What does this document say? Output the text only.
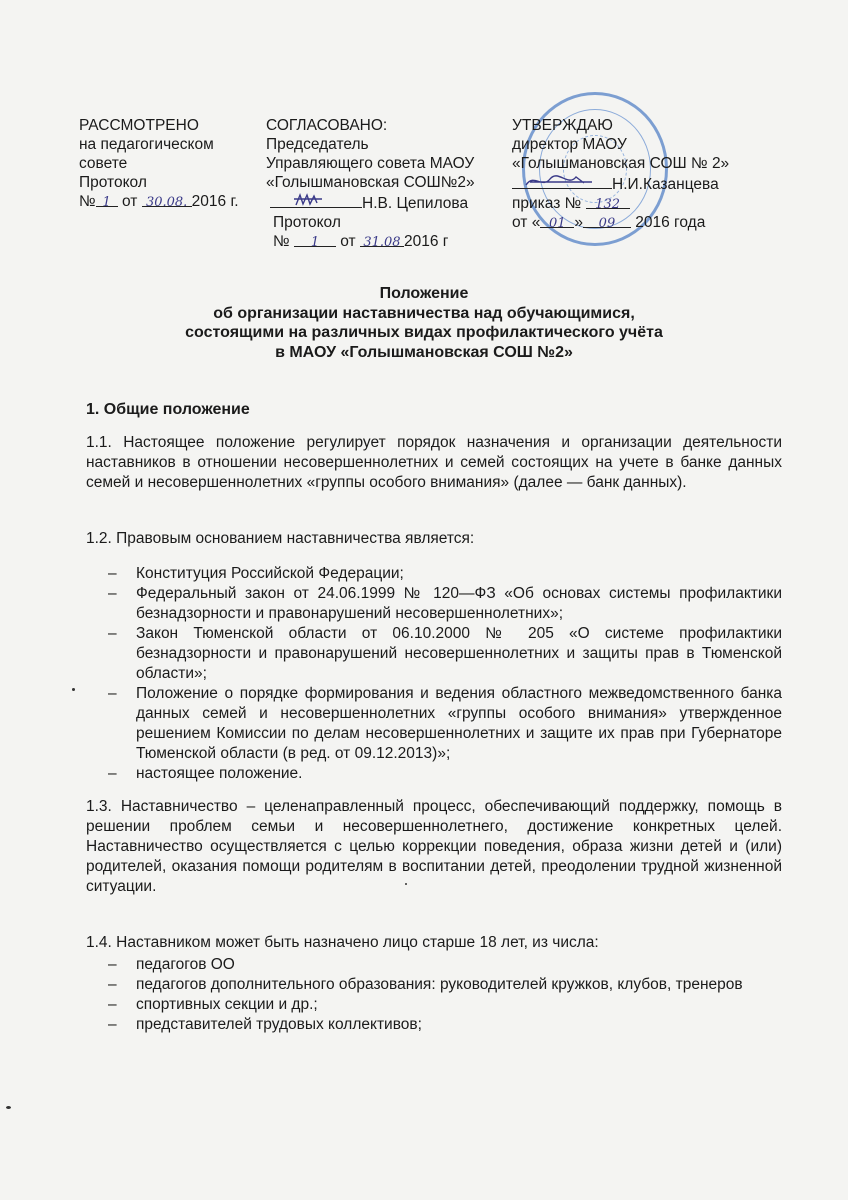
РАССМОТРЕНО
на педагогическом
совете
Протокол
№ 1 от 30.08. 2016 г.
СОГЛАСОВАНО:
Председатель
Управляющего совета МАОУ
«Голышмановская СОШ№2»
Н.В. Цепилова
Протокол
№ 1 от 31.08 2016 г
УТВЕРЖДАЮ
директор МАОУ
«Голышмановская СОШ № 2»
Н.И.Казанцева
приказ № 132
от « 01 » 09 2016 года
Положение
об организации наставничества над обучающимися,
состоящими на различных видах профилактического учёта
в МАОУ «Голышмановская СОШ №2»
1. Общие положение
1.1. Настоящее положение регулирует порядок назначения и организации деятельности наставников в отношении несовершеннолетних и семей состоящих на учете в банке данных семей и несовершеннолетних «группы особого внимания» (далее — банк данных).
1.2. Правовым основанием наставничества является:
– Конституция Российской Федерации;
– Федеральный закон от 24.06.1999 № 120—ФЗ «Об основах системы профилактики безнадзорности и правонарушений несовершеннолетних»;
– Закон Тюменской области от 06.10.2000 № 205 «О системе профилактики безнадзорности и правонарушений несовершеннолетних и защиты прав в Тюменской области»;
– Положение о порядке формирования и ведения областного межведомственного банка данных семей и несовершеннолетних «группы особого внимания» утвержденное решением Комиссии по делам несовершеннолетних и защите их прав при Губернаторе Тюменской области (в ред. от 09.12.2013)»;
– настоящее положение.
1.3. Наставничество – целенаправленный процесс, обеспечивающий поддержку, помощь в решении проблем семьи и несовершеннолетнего, достижение конкретных целей. Наставничество осуществляется с целью коррекции поведения, образа жизни детей и (или) родителей, оказания помощи родителям в воспитании детей, преодолении трудной жизненной ситуации.
1.4. Наставником может быть назначено лицо старше 18 лет, из числа:
– педагогов ОО
– педагогов дополнительного образования: руководителей кружков, клубов, тренеров
– спортивных секции и др.;
– представителей трудовых коллективов;
